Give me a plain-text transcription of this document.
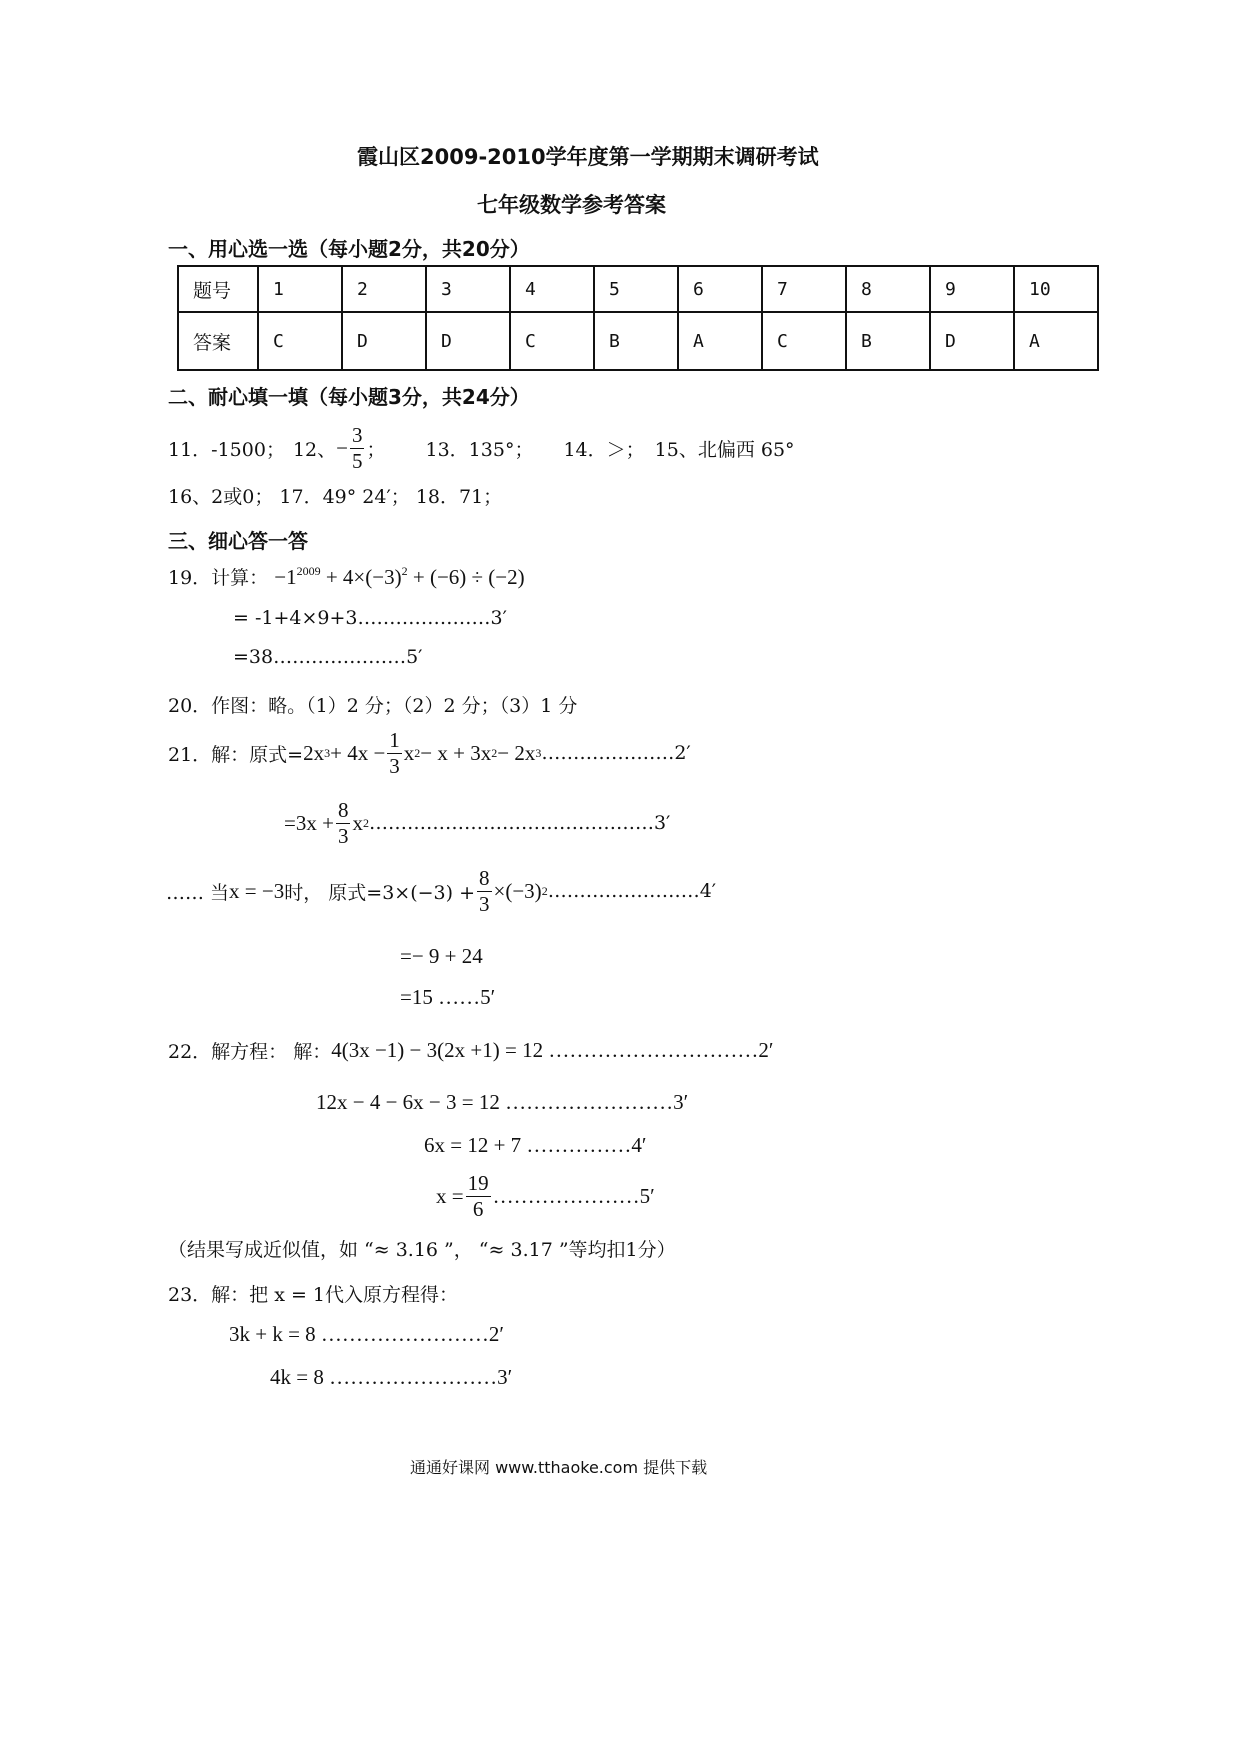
霞山区2009-2010学年度第一学期期末调研考试
七年级数学参考答案
一、用心选一选（每小题2分，共20分）
题号	1	2	3	4	5	6	7	8	9	10
答案	C	D	D	C	B	A	C	B	D	A
二、耐心填一填（每小题3分，共24分）
11．-1500； 12、 − $\frac{3}{5}$ ； 13．135°； 14．＞； 15、北偏西 65°
16、2或0； 17．49° 24′； 18．71；
三、细心答一答
19．计算： $-1^{2009} + 4\times(-3)^2 + (-6) \div (-2)$
= -1+4×9+3…………………3′
=38…………………5′
20．作图：略。（1）2 分；（2）2 分；（3）1 分
21．解：原式= 2x $3 + 4x - \frac{1}{3}$ x 2 − x + 3x 2 − 2x 3 …………………2′
$=3x + \frac{8}{3}$ x 2 ………………………………………3′
…… 当 x = −3 时， 原式$=3\times(-3) + \frac{8}{3} \times(-3)$ 2 ……………………4′
=− 9 + 24
=15 ……5′
22．解方程： 解： 4(3x −1) − 3(2x +1) = 12 …………………………2′
12x − 4 − 6x − 3 = 12 ……………………3′
6x = 12 + 7 ……………4′
$x = \frac{19}{6}$ …………………5′
（结果写成近似值，如 “≈ 3.16 ”， “≈ 3.17 ”等均扣1分）
23．解：把 x = 1代入原方程得：
3k + k = 8 ……………………2′
4k = 8 ……………………3′
通通好课网 www.tthaoke.com 提供下载
